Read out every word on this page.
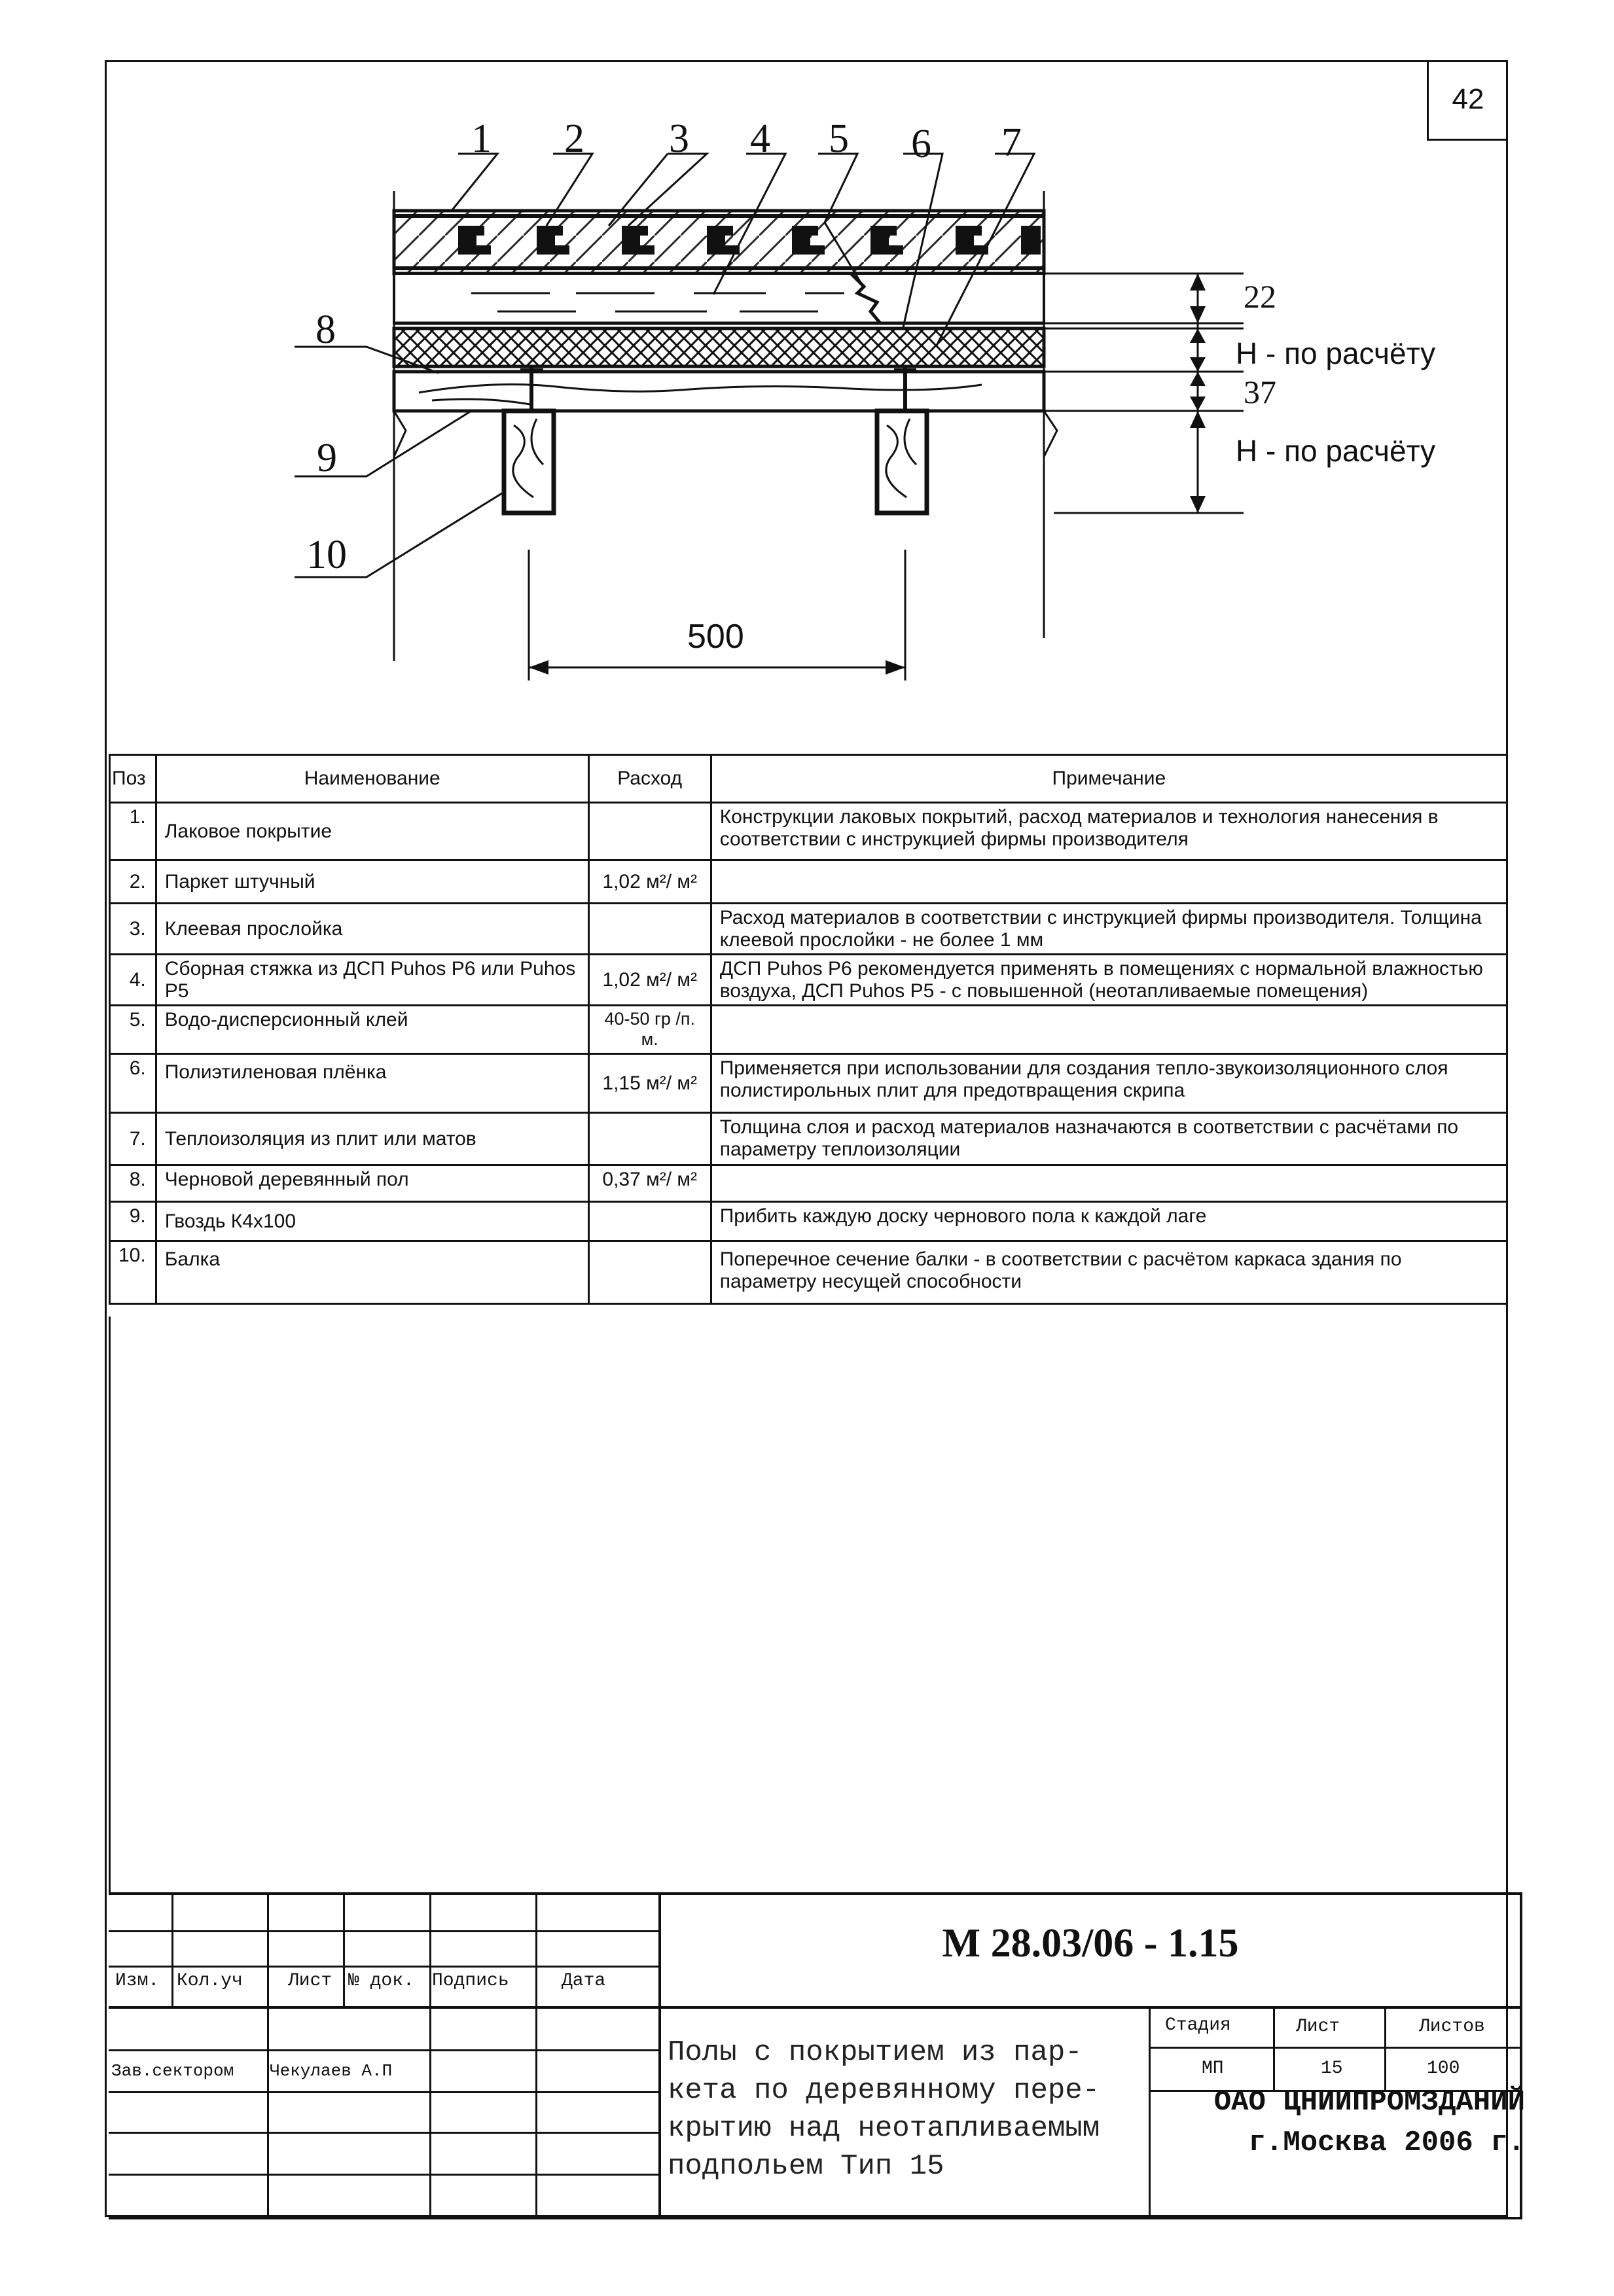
42
1 2 3 4 5 6 7
8
9
10
22
Н - по расчёту
37
Н - по расчёту
500
Поз	Наименование	Расход	Примечание
1.	Лаковое покрытие		Конструкции лаковых покрытий, расход материалов и технология нанесения в соответствии с инструкцией фирмы производителя
2.	Паркет штучный	1,02 м²/ м²	
3.	Клеевая прослойка		Расход материалов в соответствии с инструкцией фирмы производителя. Толщина клеевой прослойки - не более 1 мм
4.	Сборная стяжка из ДСП Puhos P6 или Puhos P5	1,02 м²/ м²	ДСП Puhos P6 рекомендуется применять в помещениях с нормальной влажностью воздуха, ДСП Puhos P5 - с повышенной (неотапливаемые помещения)
5.	Водо-дисперсионный клей	40-50 гр /п. м.	
6.	Полиэтиленовая плёнка	1,15 м²/ м²	Применяется при использовании для создания тепло-звукоизоляционного слоя полистирольных плит для предотвращения скрипа
7.	Теплоизоляция из плит или матов		Толщина слоя и расход материалов назначаются в соответствии с расчётами по параметру теплоизоляции
8.	Черновой деревянный пол	0,37 м²/ м²	
9.	Гвоздь К4х100		Прибить каждую доску чернового пола к каждой лаге
10.	Балка		Поперечное сечение балки - в соответствии с расчётом каркаса здания по параметру несущей способности
Изм. Кол.уч Лист № док. Подпись	Дата
Зав.сектором Чекулаев А.П
М 28.03/06 - 1.15
Полы с покрытием из пар-
кета по деревянному пере-
крытию над неотапливаемым
подпольем Тип 15
Стадия	Лист	Листов
МП	15	100
ОАО ЦНИИПРОМЗДАНИЙ
г.Москва 2006 г.
